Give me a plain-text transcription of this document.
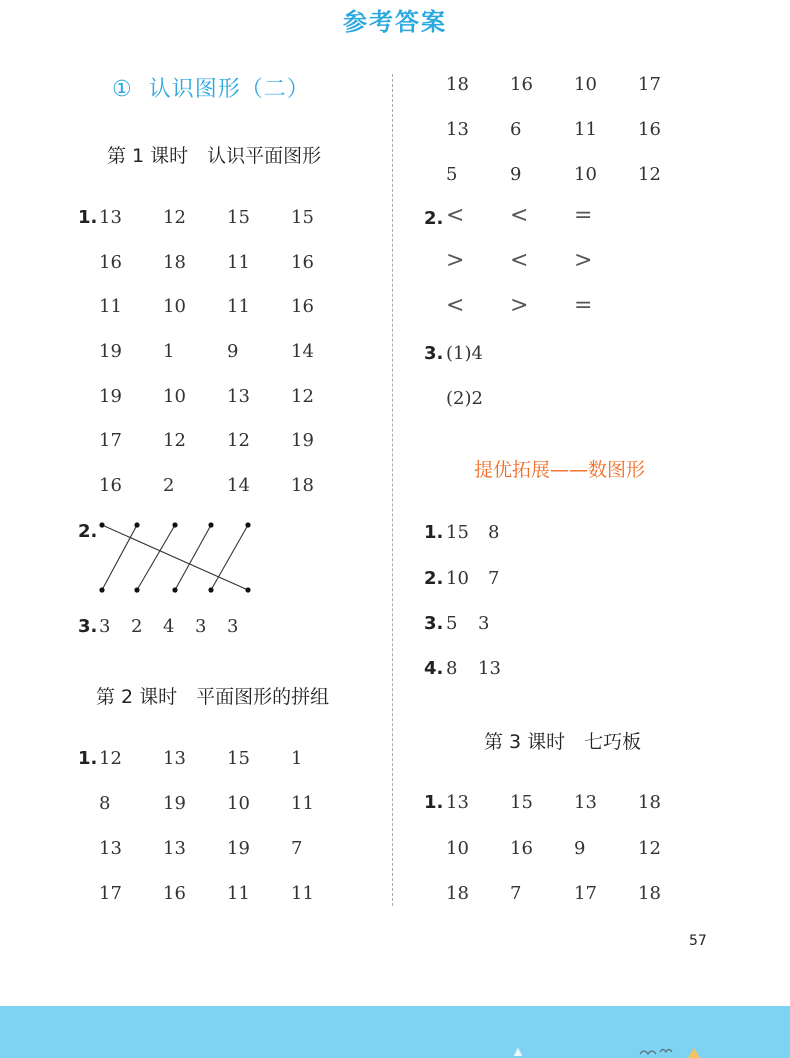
参考答案
① 认识图形（二）
第 1 课时　认识平面图形
1. 13 12 15 15
16 18 11 16
11 10 11 16
19 1	9	14
19 10 13 12
17 12 12 19
16 2	14 18
2.
3. 3 2 4 3 3
第 2 课时　平面图形的拼组
1. 12 13 15 1
8	19 10 11
13 13 19 7
17 16 11 11
18 16 10 17
13 6	11 16
5	9	10 12
2. < < =
> < >
< > =
3. (1)4
(2)2
提优拓展——数图形
1. 15 8
2. 10 7
3. 5 3
4. 8 13
第 3 课时　七巧板
1. 13 15 13 18
10 16 9	12
18 7	17 18
57
